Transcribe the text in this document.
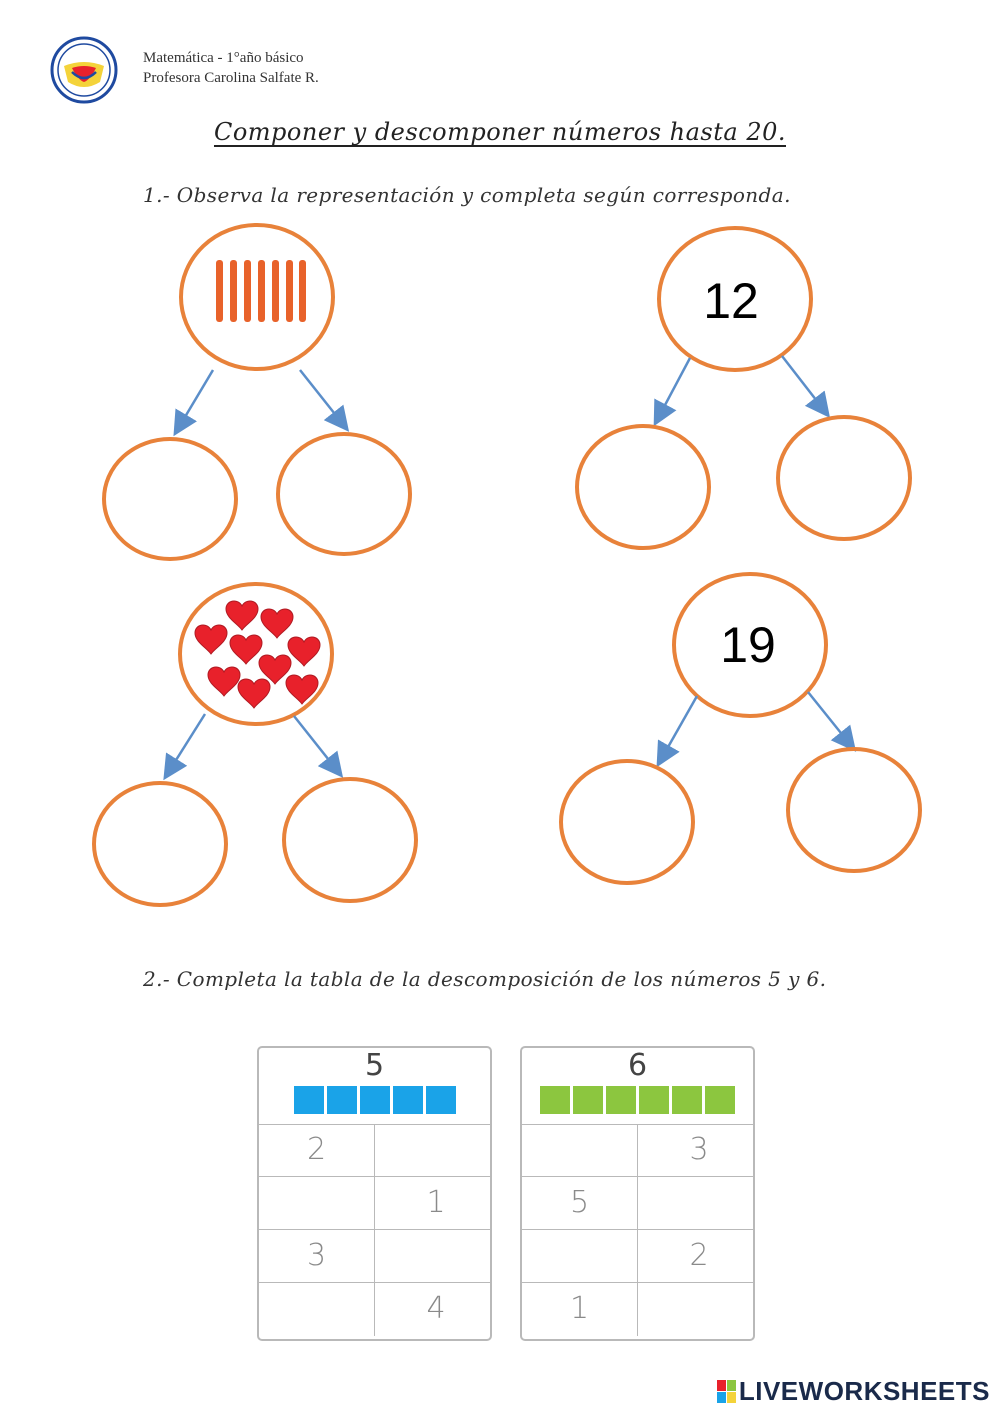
Matemática - 1°año básico
Profesora Carolina Salfate R.
Componer y descomponer números hasta 20.
1.- Observa la representación y completa según corresponda.
12
19
2.- Completa la tabla de la descomposición de los números 5 y 6.
5
2
1
3
4
6
3
5
2
1
LIVEWORKSHEETS
